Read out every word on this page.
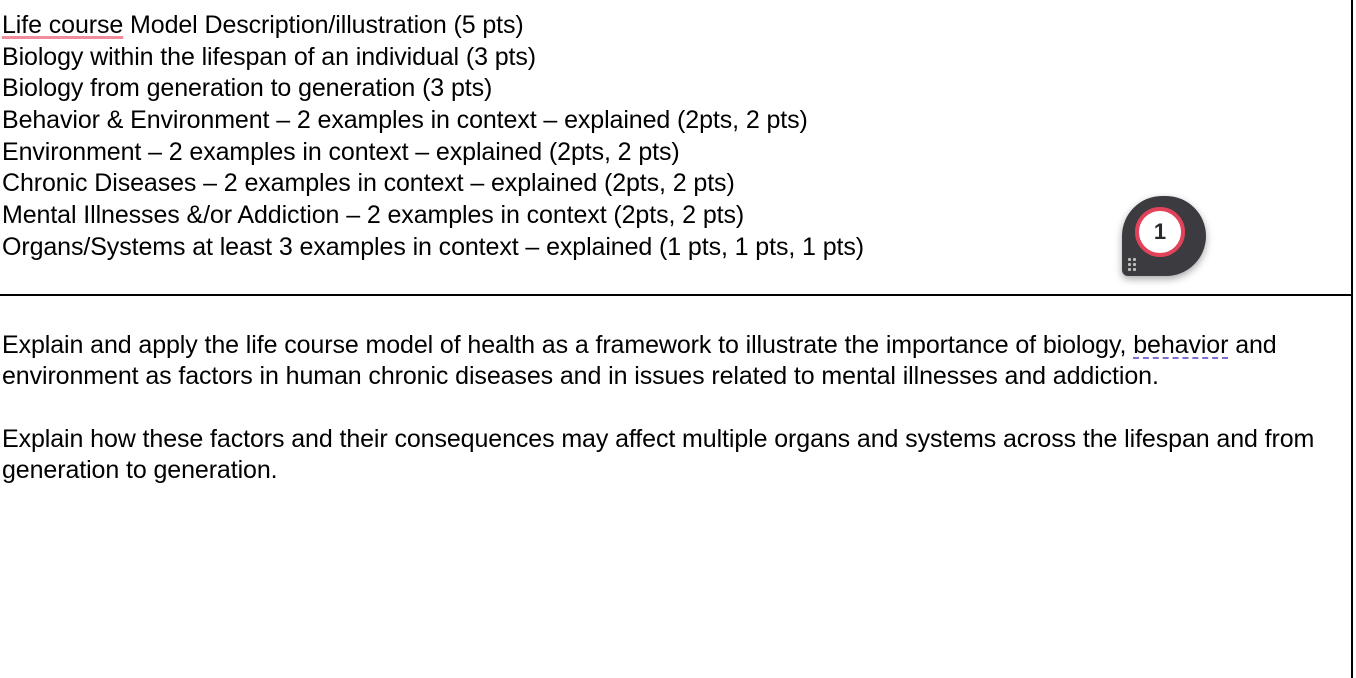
Life course Model Description/illustration (5 pts)
Biology within the lifespan of an individual (3 pts)
Biology from generation to generation (3 pts)
Behavior & Environment – 2 examples in context – explained (2pts, 2 pts)
Environment – 2 examples in context – explained (2pts, 2 pts)
Chronic Diseases – 2 examples in context – explained (2pts, 2 pts)
Mental Illnesses &/or Addiction – 2 examples in context (2pts, 2 pts)
Organs/Systems at least 3 examples in context – explained (1 pts, 1 pts, 1 pts)

Explain and apply the life course model of health as a framework to illustrate the importance of biology, behavior and environment as factors in human chronic diseases and in issues related to mental illnesses and addiction.

Explain how these factors and their consequences may affect multiple organs and systems across the lifespan and from generation to generation.

1
